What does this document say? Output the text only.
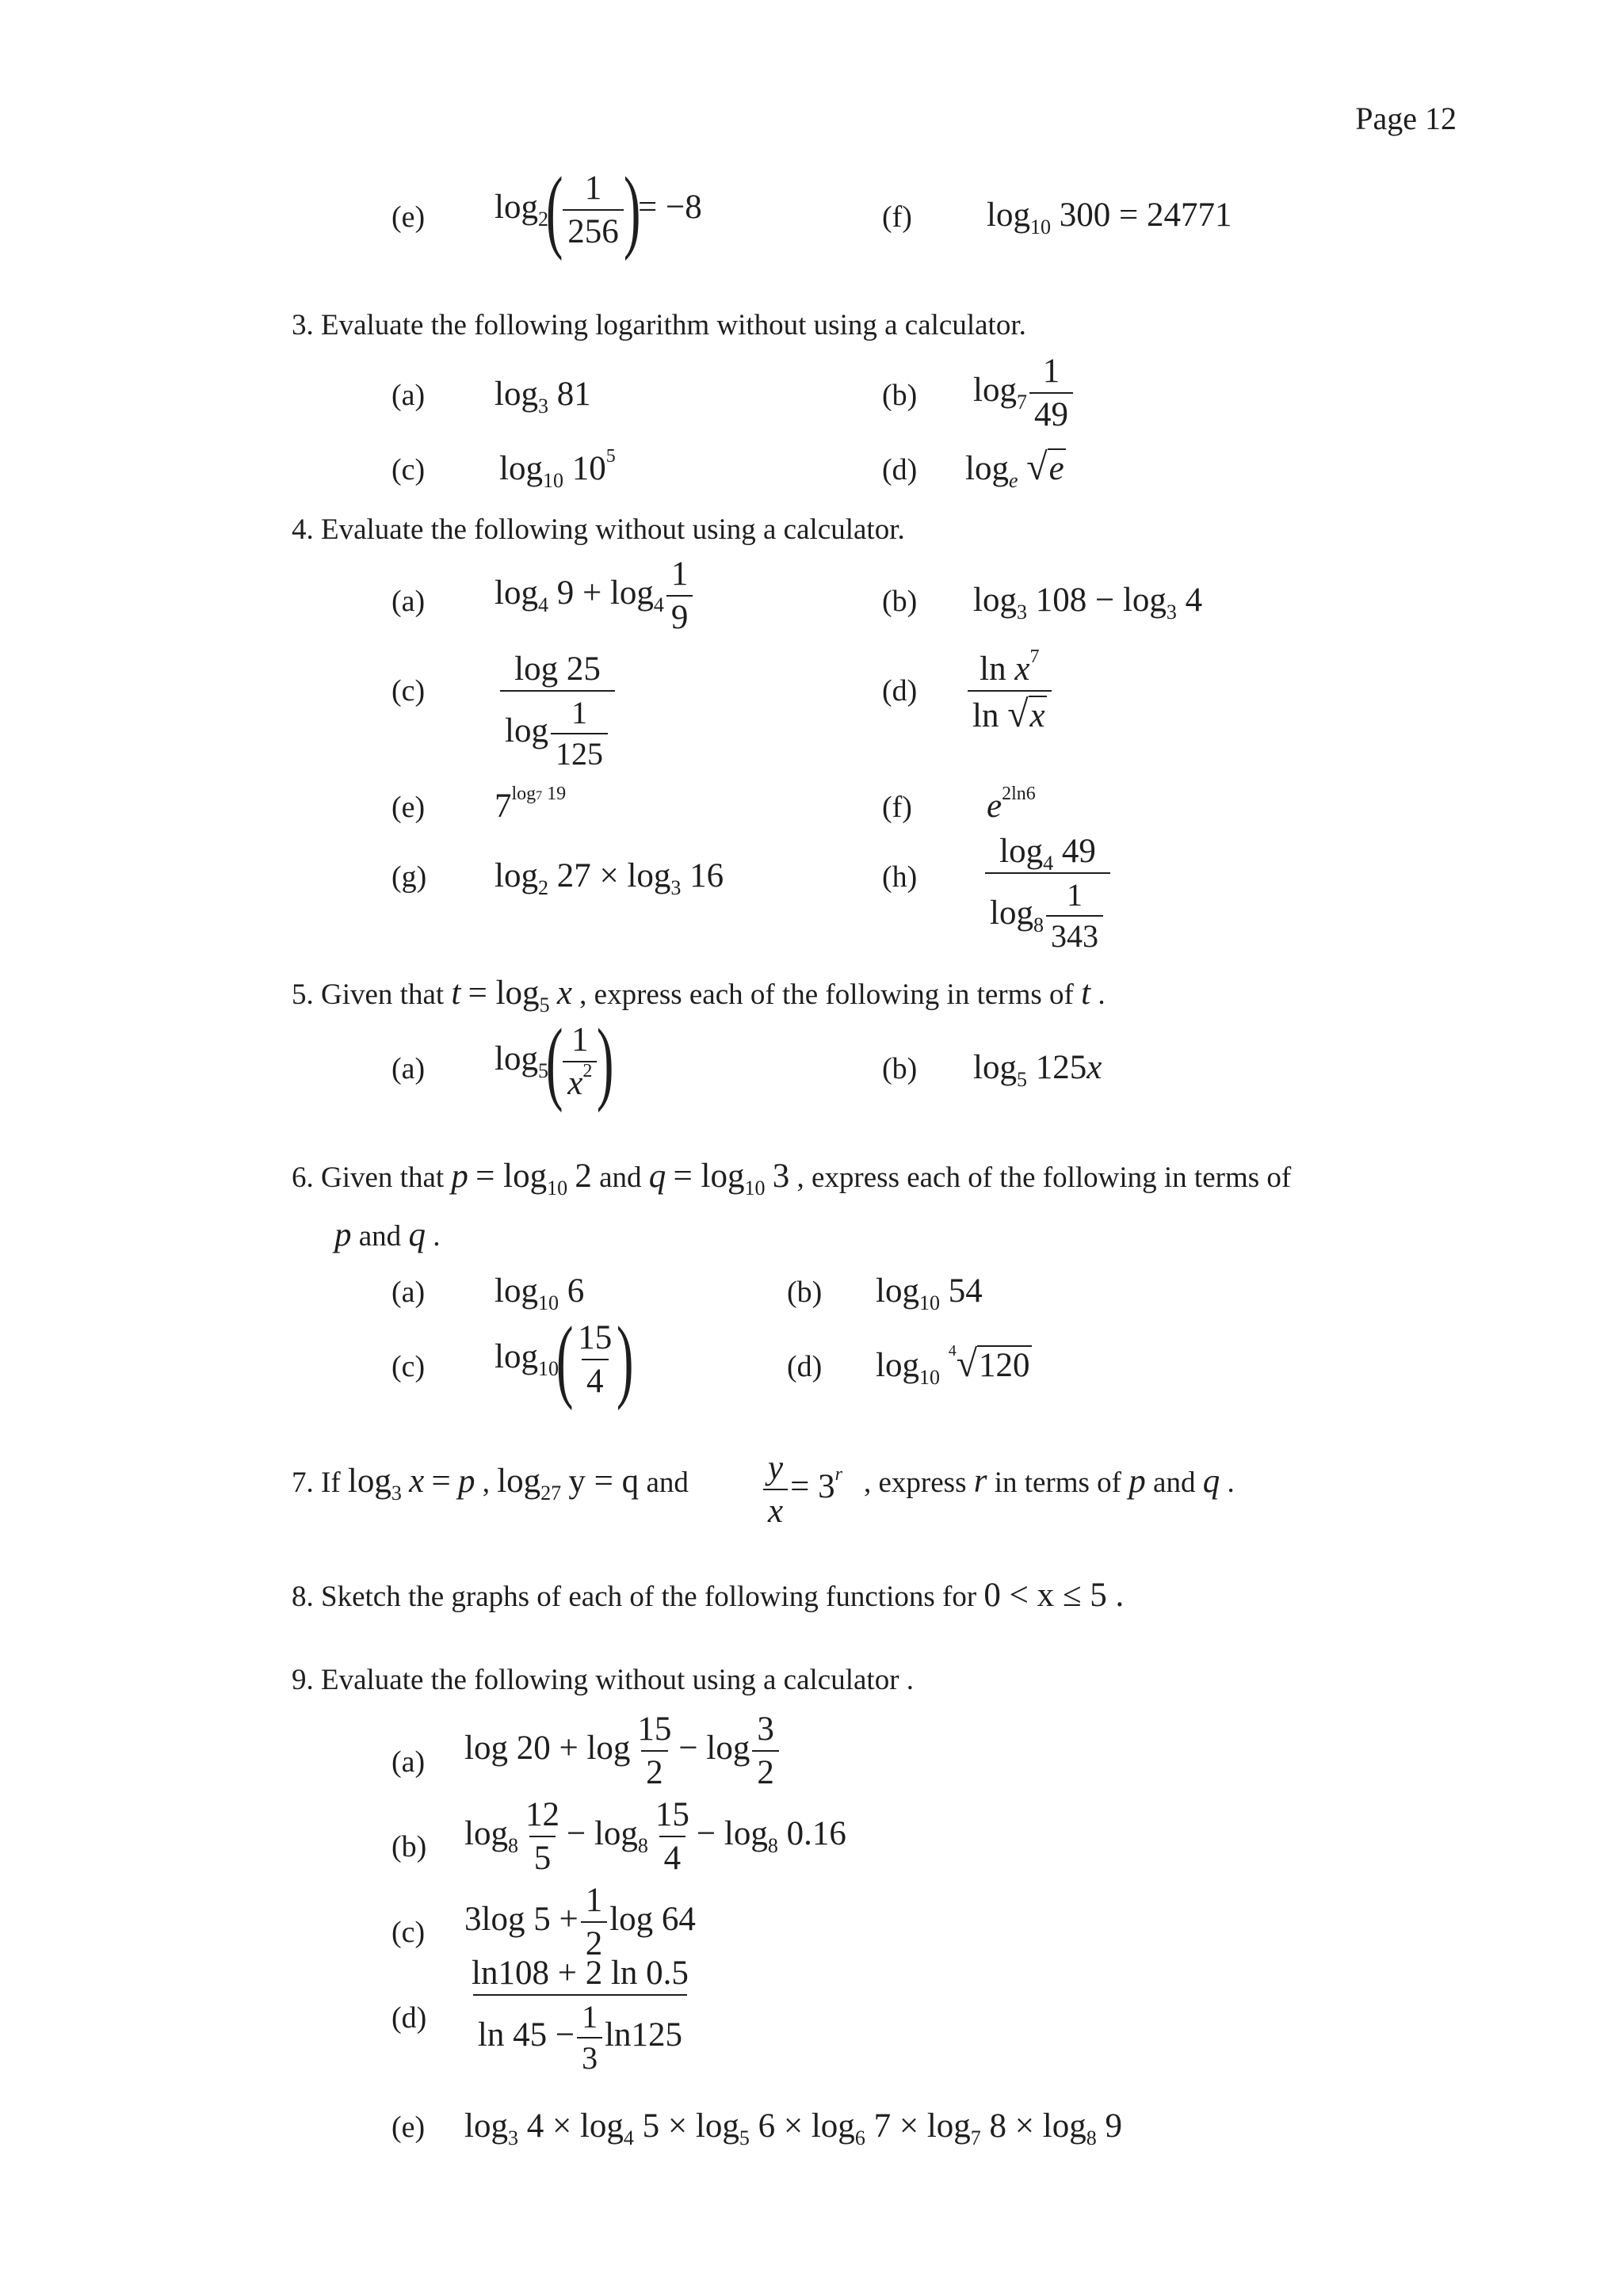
Page 12
(e) $\log_2( \frac{1}{256}$ )= −8	(f) $\log_{10} 300 = 24771$
3. Evaluate the following logarithm without using a calculator.
(a) $\log_3 81$	(b) $\log_7 \frac{1}{49}$
(c) $\log_{10} 10^5$	(d) $\log_e √e$
4. Evaluate the following without using a calculator.
(a) $\log_4 9 + \log_4 \frac{1}{9}$	(b) $\log_3 108 - \log_3 4$
$(c) \frac{\log 25}{\log \frac{1}{125}}$	$(d) \frac{\ln x^7}{\ln √x}$
(e) $7^{log7 19}$	(f) $e^{2ln6}$
(g) $\log_2 27 \times \log_3 16$	$(h) \frac{\log_4 49}{\log_8 \frac{1}{343}}$
5. Given that $t = \log_5 x$ , express each of the following in terms of t .
(a) $\log_5( \frac{1}{x^2}$ )	(b) $\log_5 125x$
6. Given that $p = \log_{10} 2$ and $q = \log_{10} 3$ , express each of the following in terms of
p and q .
(a) $\log_{10} 6$	(b) $\log_{10} 54$
(c) $\log_{10}( \frac{15}{4}$ )	(d) $\log_{10} ^4√120$
7. If $\log_3 x = p$ , $\log_{27} y = q$ and $\frac{y}{x} = 3^r$ , express r in terms of p and q .
8. Sketch the graphs of each of the following functions for 0 < x ≤ 5 .
9. Evaluate the following without using a calculator .
(a) $\log 20 + \log \frac{15}{2} - \log \frac{3}{2}$
(b) $\log_8 \frac{12}{5} - \log_8 \frac{15}{4} - \log_8 0.16$
(c) 3log $5 + \frac{1}{2}$ log 64
$(d) \frac{\ln 108 + 2 \ln 0.5}{\ln 45 - \frac{1}{3} \ln 125}$
(e) $\log_3 4 \times \log_4 5 \times \log_5 6 \times \log_6 7 \times \log_7 8 \times \log_8 9$
